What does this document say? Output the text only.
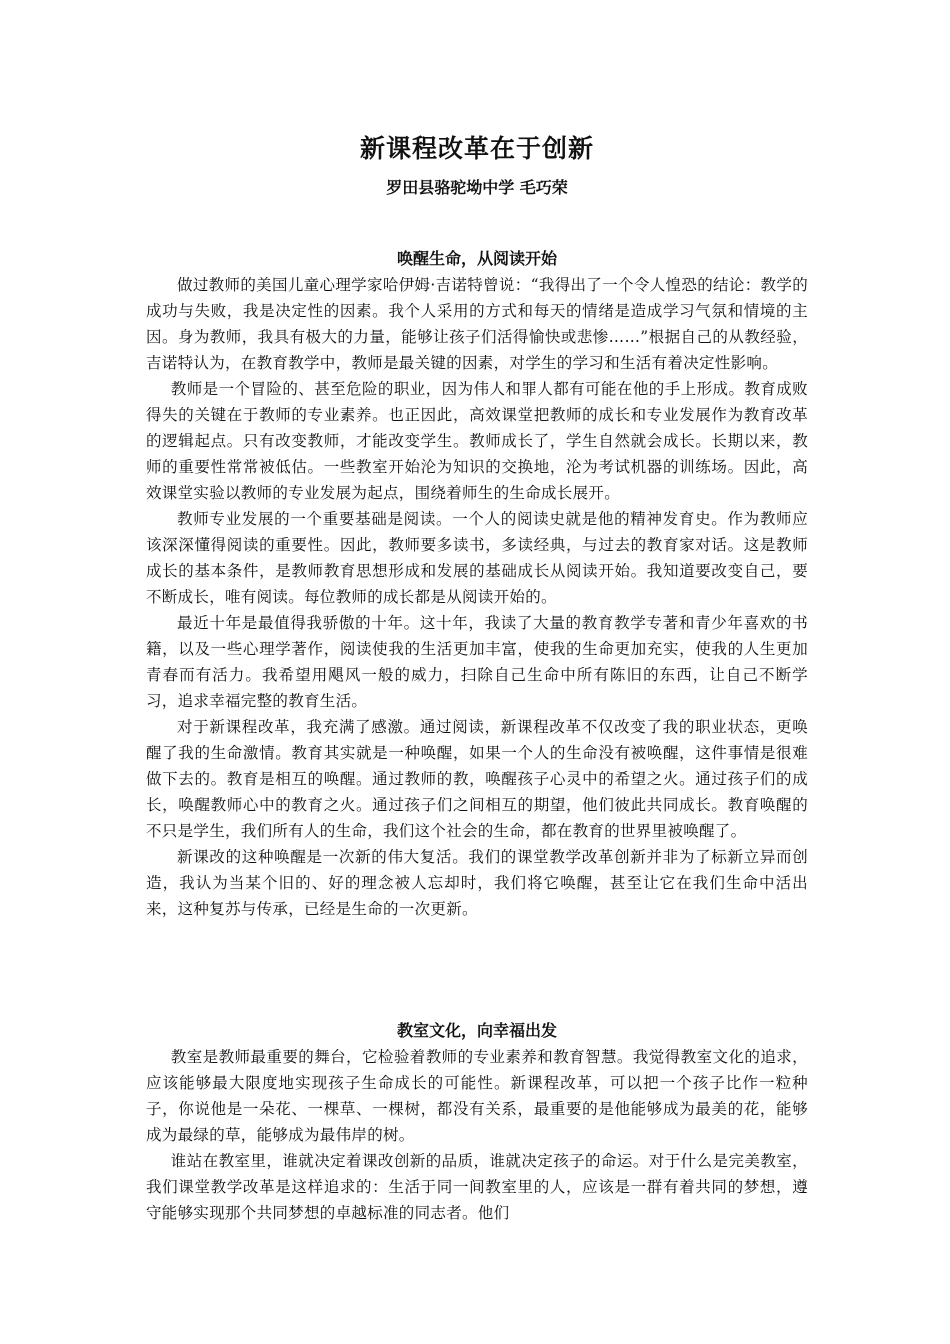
新课程改革在于创新

罗田县骆驼坳中学 毛巧荣

唤醒生命，从阅读开始

做过教师的美国儿童心理学家哈伊姆·吉诺特曾说：“我得出了一个令人惶恐的结论：教学的成功与失败，我是决定性的因素。我个人采用的方式和每天的情绪是造成学习气氛和情境的主因。身为教师，我具有极大的力量，能够让孩子们活得愉快或悲惨……”根据自己的从教经验，吉诺特认为，在教育教学中，教师是最关键的因素，对学生的学习和生活有着决定性影响。

教师是一个冒险的、甚至危险的职业，因为伟人和罪人都有可能在他的手上形成。教育成败得失的关键在于教师的专业素养。也正因此，高效课堂把教师的成长和专业发展作为教育改革的逻辑起点。只有改变教师，才能改变学生。教师成长了，学生自然就会成长。长期以来，教师的重要性常常被低估。一些教室开始沦为知识的交换地，沦为考试机器的训练场。因此，高效课堂实验以教师的专业发展为起点，围绕着师生的生命成长展开。

教师专业发展的一个重要基础是阅读。一个人的阅读史就是他的精神发育史。作为教师应该深深懂得阅读的重要性。因此，教师要多读书，多读经典，与过去的教育家对话。这是教师成长的基本条件，是教师教育思想形成和发展的基础成长从阅读开始。我知道要改变自己，要不断成长，唯有阅读。每位教师的成长都是从阅读开始的。

最近十年是最值得我骄傲的十年。这十年，我读了大量的教育教学专著和青少年喜欢的书籍，以及一些心理学著作，阅读使我的生活更加丰富，使我的生命更加充实，使我的人生更加青春而有活力。我希望用飓风一般的威力，扫除自己生命中所有陈旧的东西，让自己不断学习，追求幸福完整的教育生活。

对于新课程改革，我充满了感激。通过阅读，新课程改革不仅改变了我的职业状态，更唤醒了我的生命激情。教育其实就是一种唤醒，如果一个人的生命没有被唤醒，这件事情是很难做下去的。教育是相互的唤醒。通过教师的教，唤醒孩子心灵中的希望之火。通过孩子们的成长，唤醒教师心中的教育之火。通过孩子们之间相互的期望，他们彼此共同成长。教育唤醒的不只是学生，我们所有人的生命，我们这个社会的生命，都在教育的世界里被唤醒了。

新课改的这种唤醒是一次新的伟大复活。我们的课堂教学改革创新并非为了标新立异而创造，我认为当某个旧的、好的理念被人忘却时，我们将它唤醒，甚至让它在我们生命中活出来，这种复苏与传承，已经是生命的一次更新。

教室文化，向幸福出发

教室是教师最重要的舞台，它检验着教师的专业素养和教育智慧。我觉得教室文化的追求，应该能够最大限度地实现孩子生命成长的可能性。新课程改革，可以把一个孩子比作一粒种子，你说他是一朵花、一棵草、一棵树，都没有关系，最重要的是他能够成为最美的花，能够成为最绿的草，能够成为最伟岸的树。

谁站在教室里，谁就决定着课改创新的品质，谁就决定孩子的命运。对于什么是完美教室，我们课堂教学改革是这样追求的：生活于同一间教室里的人，应该是一群有着共同的梦想，遵守能够实现那个共同梦想的卓越标准的同志者。他们
